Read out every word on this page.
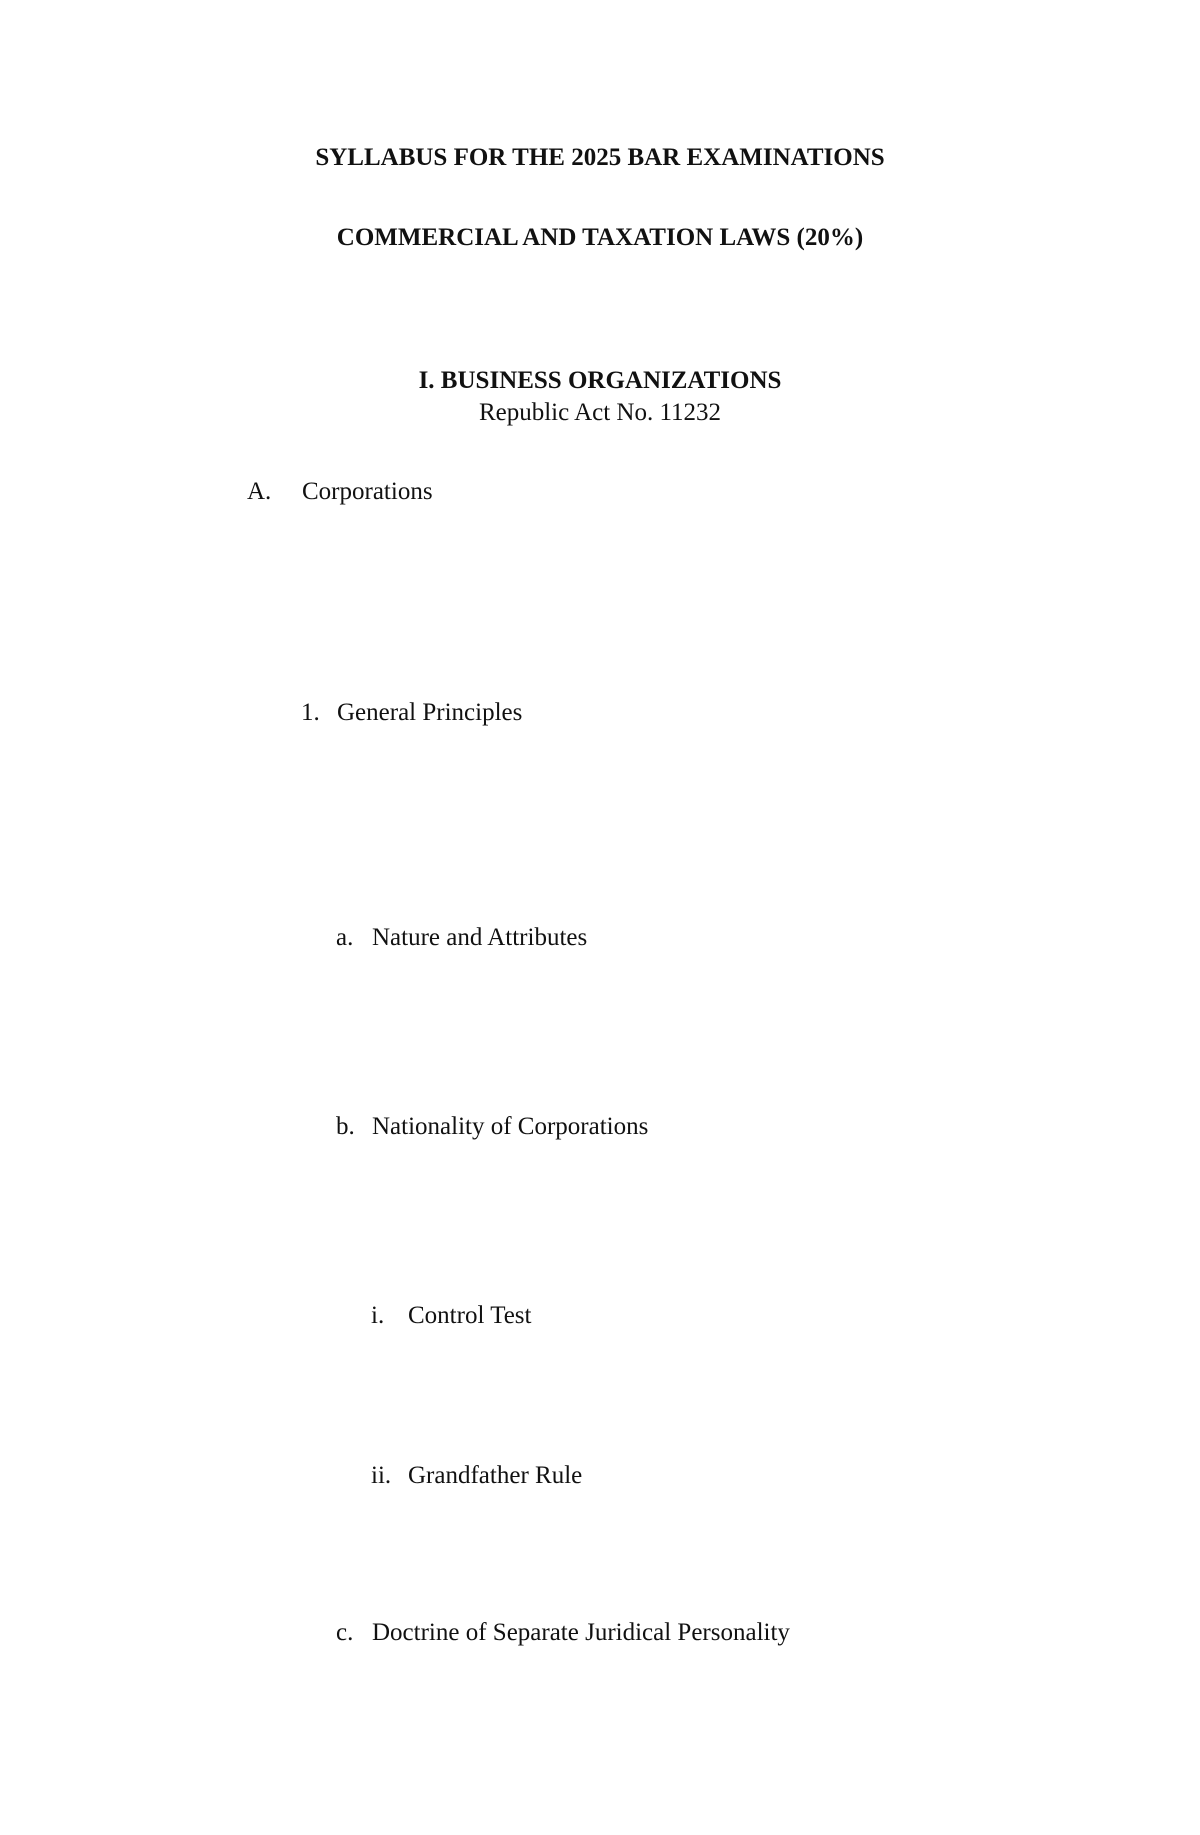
SYLLABUS FOR THE 2025 BAR EXAMINATIONS
COMMERCIAL AND TAXATION LAWS (20%)
I. BUSINESS ORGANIZATIONS
Republic Act No. 11232
A. Corporations
1. General Principles
a. Nature and Attributes
b. Nationality of Corporations
i. Control Test
ii. Grandfather Rule
c. Doctrine of Separate Juridical Personality
